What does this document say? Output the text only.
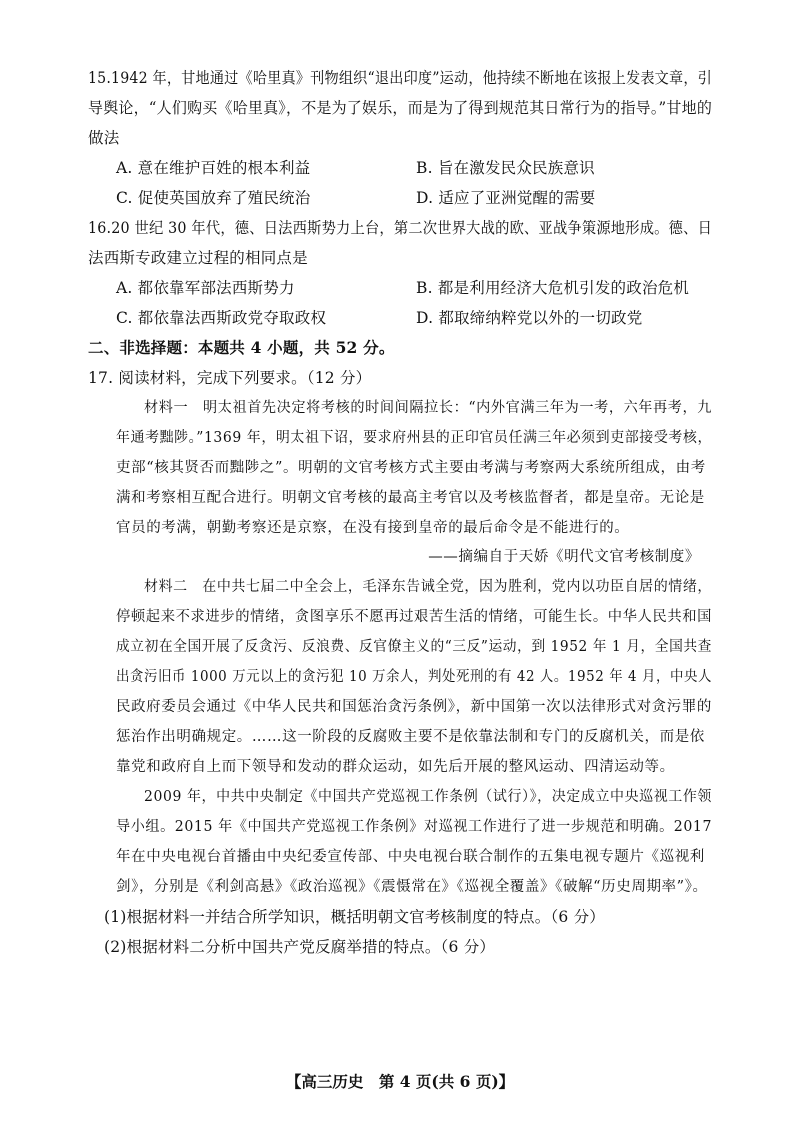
15.1942 年，甘地通过《哈里真》刊物组织“退出印度”运动，他持续不断地在该报上发表文章，引
导舆论，“人们购买《哈里真》，不是为了娱乐，而是为了得到规范其日常行为的指导。”甘地的
做法
A. 意在维护百姓的根本利益	B. 旨在激发民众民族意识
C. 促使英国放弃了殖民统治	D. 适应了亚洲觉醒的需要
16.20 世纪 30 年代，德、日法西斯势力上台，第二次世界大战的欧、亚战争策源地形成。德、日
法西斯专政建立过程的相同点是
A. 都依靠军部法西斯势力	B. 都是利用经济大危机引发的政治危机
C. 都依靠法西斯政党夺取政权	D. 都取缔纳粹党以外的一切政党
二、非选择题：本题共 4 小题，共 52 分。
17. 阅读材料，完成下列要求。（12 分）
材料一　明太祖首先决定将考核的时间间隔拉长：“内外官满三年为一考，六年再考，九
年通考黜陟。”1369 年，明太祖下诏，要求府州县的正印官员任满三年必须到吏部接受考核，
吏部“核其贤否而黜陟之”。明朝的文官考核方式主要由考满与考察两大系统所组成，由考
满和考察相互配合进行。明朝文官考核的最高主考官以及考核监督者，都是皇帝。无论是
官员的考满，朝勤考察还是京察，在没有接到皇帝的最后命令是不能进行的。
——摘编自于天娇《明代文官考核制度》
材料二　在中共七届二中全会上，毛泽东告诫全党，因为胜利，党内以功臣自居的情绪，
停顿起来不求进步的情绪，贪图享乐不愿再过艰苦生活的情绪，可能生长。中华人民共和国
成立初在全国开展了反贪污、反浪费、反官僚主义的“三反”运动，到 1952 年 1 月，全国共查
出贪污旧币 1000 万元以上的贪污犯 10 万余人，判处死刑的有 42 人。1952 年 4 月，中央人
民政府委员会通过《中华人民共和国惩治贪污条例》，新中国第一次以法律形式对贪污罪的
惩治作出明确规定。……这一阶段的反腐败主要不是依靠法制和专门的反腐机关，而是依
靠党和政府自上而下领导和发动的群众运动，如先后开展的整风运动、四清运动等。
2009 年，中共中央制定《中国共产党巡视工作条例（试行）》，决定成立中央巡视工作领
导小组。2015 年《中国共产党巡视工作条例》对巡视工作进行了进一步规范和明确。2017
年在中央电视台首播由中央纪委宣传部、中央电视台联合制作的五集电视专题片《巡视利
剑》，分别是《利剑高悬》《政治巡视》《震慑常在》《巡视全覆盖》《破解“历史周期率”》。
(1)根据材料一并结合所学知识，概括明朝文官考核制度的特点。（6 分）
(2)根据材料二分析中国共产党反腐举措的特点。（6 分）
【高三历史　第 4 页(共 6 页)】
